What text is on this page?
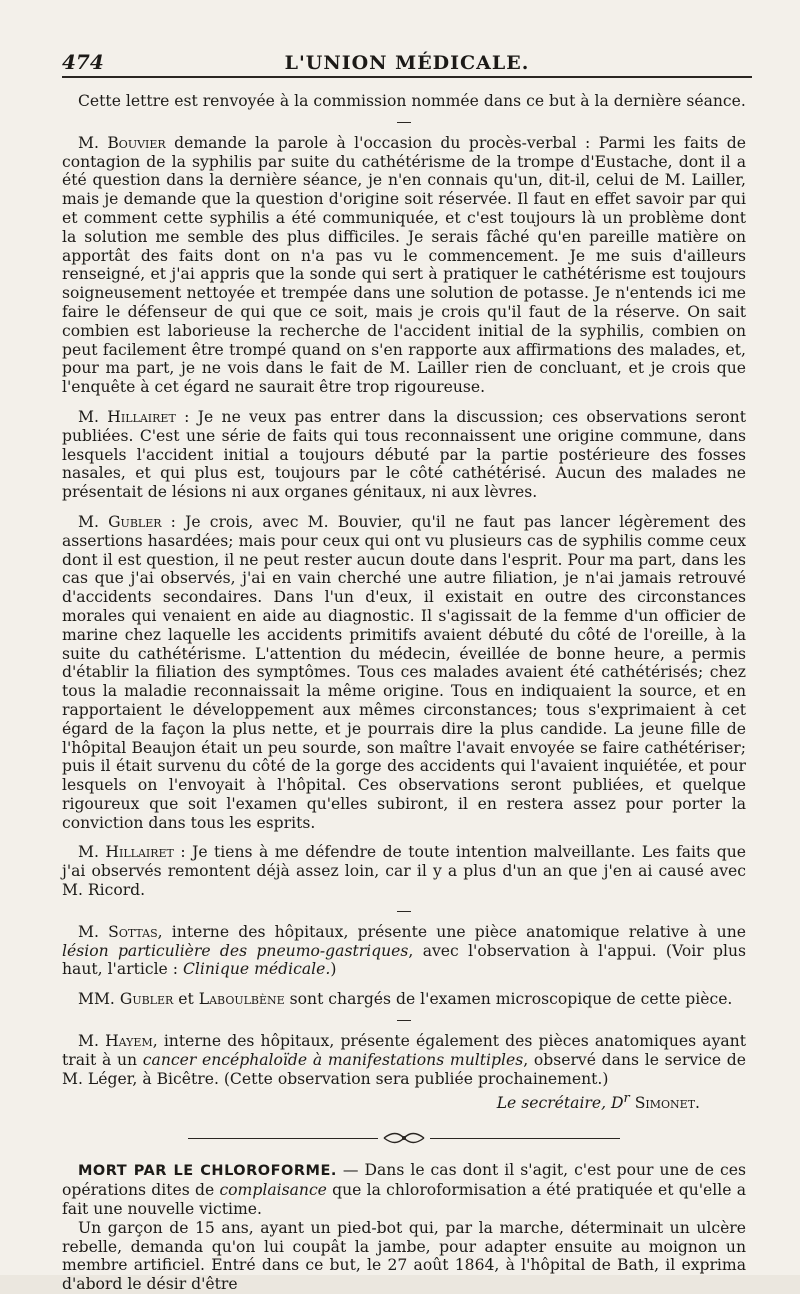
474	L'UNION MÉDICALE.

Cette lettre est renvoyée à la commission nommée dans ce but à la dernière séance.

M. Bouvier demande la parole à l'occasion du procès-verbal : Parmi les faits de contagion de la syphilis par suite du cathétérisme de la trompe d'Eustache, dont il a été question dans la dernière séance, je n'en connais qu'un, dit-il, celui de M. Lailler, mais je demande que la question d'origine soit réservée. Il faut en effet savoir par qui et comment cette syphilis a été communiquée, et c'est toujours là un problème dont la solution me semble des plus difficiles. Je serais fâché qu'en pareille matière on apportât des faits dont on n'a pas vu le commencement. Je me suis d'ailleurs renseigné, et j'ai appris que la sonde qui sert à pratiquer le cathétérisme est toujours soigneusement nettoyée et trempée dans une solution de potasse. Je n'entends ici me faire le défenseur de qui que ce soit, mais je crois qu'il faut de la réserve. On sait combien est laborieuse la recherche de l'accident initial de la syphilis, combien on peut facilement être trompé quand on s'en rapporte aux affirmations des malades, et, pour ma part, je ne vois dans le fait de M. Lailler rien de concluant, et je crois que l'enquête à cet égard ne saurait être trop rigoureuse.

M. Hillairet : Je ne veux pas entrer dans la discussion; ces observations seront publiées. C'est une série de faits qui tous reconnaissent une origine commune, dans lesquels l'accident initial a toujours débuté par la partie postérieure des fosses nasales, et qui plus est, toujours par le côté cathétérisé. Aucun des malades ne présentait de lésions ni aux organes génitaux, ni aux lèvres.

M. Gubler : Je crois, avec M. Bouvier, qu'il ne faut pas lancer légèrement des assertions hasardées; mais pour ceux qui ont vu plusieurs cas de syphilis comme ceux dont il est question, il ne peut rester aucun doute dans l'esprit. Pour ma part, dans les cas que j'ai observés, j'ai en vain cherché une autre filiation, je n'ai jamais retrouvé d'accidents secondaires. Dans l'un d'eux, il existait en outre des circonstances morales qui venaient en aide au diagnostic. Il s'agissait de la femme d'un officier de marine chez laquelle les accidents primitifs avaient débuté du côté de l'oreille, à la suite du cathétérisme. L'attention du médecin, éveillée de bonne heure, a permis d'établir la filiation des symptômes. Tous ces malades avaient été cathétérisés; chez tous la maladie reconnaissait la même origine. Tous en indiquaient la source, et en rapportaient le développement aux mêmes circonstances; tous s'exprimaient à cet égard de la façon la plus nette, et je pourrais dire la plus candide. La jeune fille de l'hôpital Beaujon était un peu sourde, son maître l'avait envoyée se faire cathétériser; puis il était survenu du côté de la gorge des accidents qui l'avaient inquiétée, et pour lesquels on l'envoyait à l'hôpital. Ces observations seront publiées, et quelque rigoureux que soit l'examen qu'elles subiront, il en restera assez pour porter la conviction dans tous les esprits.

M. Hillairet : Je tiens à me défendre de toute intention malveillante. Les faits que j'ai observés remontent déjà assez loin, car il y a plus d'un an que j'en ai causé avec M. Ricord.

M. Sottas, interne des hôpitaux, présente une pièce anatomique relative à une lésion particulière des pneumo-gastriques, avec l'observation à l'appui. (Voir plus haut, l'article : Clinique médicale.)

MM. Gubler et Laboulbène sont chargés de l'examen microscopique de cette pièce.

M. Hayem, interne des hôpitaux, présente également des pièces anatomiques ayant trait à un cancer encéphaloïde à manifestations multiples, observé dans le service de M. Léger, à Bicêtre. (Cette observation sera publiée prochainement.)

Le secrétaire, $D^r$ Simonet.

MORT PAR LE CHLOROFORME. — Dans le cas dont il s'agit, c'est pour une de ces opérations dites de complaisance que la chloroformisation a été pratiquée et qu'elle a fait une nouvelle victime.

Un garçon de 15 ans, ayant un pied-bot qui, par la marche, déterminait un ulcère rebelle, demanda qu'on lui coupât la jambe, pour adapter ensuite au moignon un membre artificiel. Entré dans ce but, le 27 août 1864, à l'hôpital de Bath, il exprima d'abord le désir d'être
